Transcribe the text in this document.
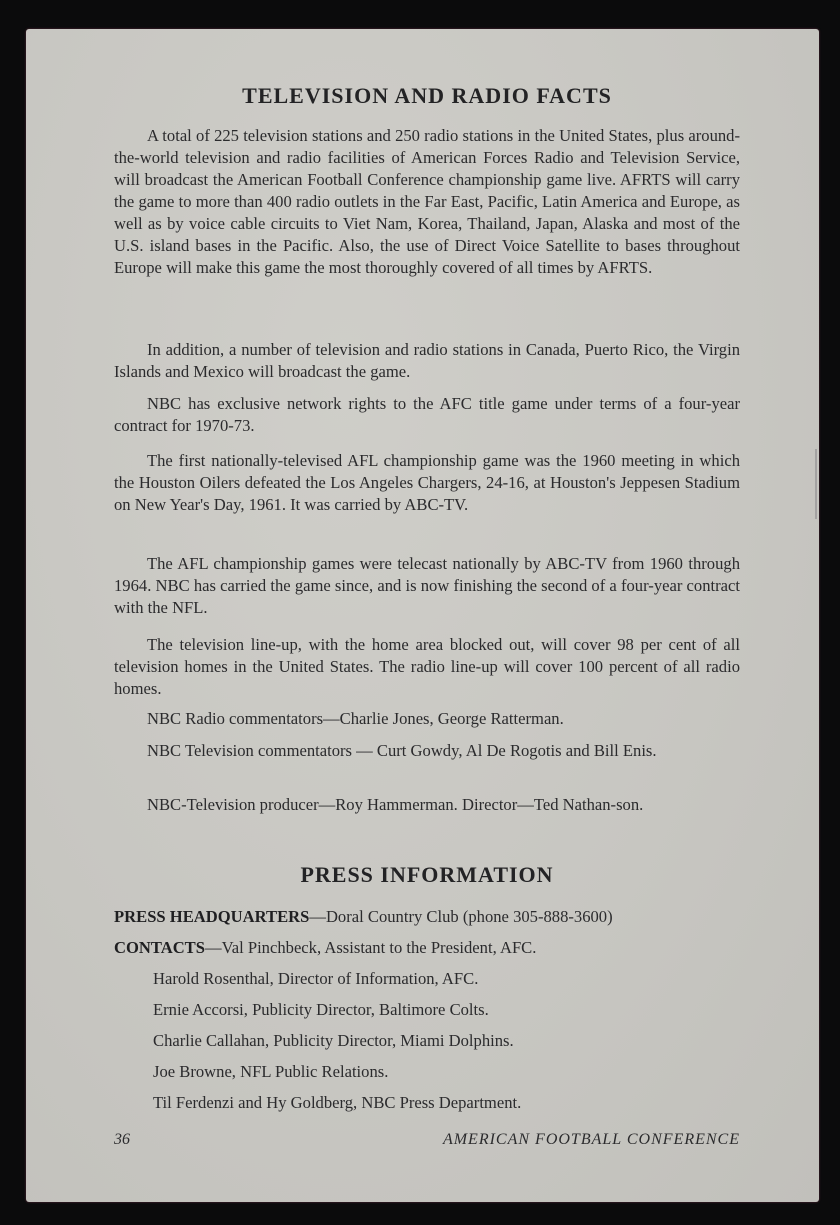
TELEVISION AND RADIO FACTS

A total of 225 television stations and 250 radio stations in the United States, plus around-the-world television and radio facilities of American Forces Radio and Television Service, will broadcast the American Football Conference championship game live. AFRTS will carry the game to more than 400 radio outlets in the Far East, Pacific, Latin America and Europe, as well as by voice cable circuits to Viet Nam, Korea, Thailand, Japan, Alaska and most of the U.S. island bases in the Pacific. Also, the use of Direct Voice Satellite to bases throughout Europe will make this game the most thoroughly covered of all times by AFRTS.

In addition, a number of television and radio stations in Canada, Puerto Rico, the Virgin Islands and Mexico will broadcast the game.

NBC has exclusive network rights to the AFC title game under terms of a four-year contract for 1970-73.

The first nationally-televised AFL championship game was the 1960 meeting in which the Houston Oilers defeated the Los Angeles Chargers, 24-16, at Houston's Jeppesen Stadium on New Year's Day, 1961. It was carried by ABC-TV.

The AFL championship games were telecast nationally by ABC-TV from 1960 through 1964. NBC has carried the game since, and is now finishing the second of a four-year contract with the NFL.

The television line-up, with the home area blocked out, will cover 98 per cent of all television homes in the United States. The radio line-up will cover 100 percent of all radio homes.

NBC Radio commentators—Charlie Jones, George Ratterman.

NBC Television commentators — Curt Gowdy, Al De Rogotis and Bill Enis.

NBC-Television producer—Roy Hammerman. Director—Ted Nathan-son.

PRESS INFORMATION

PRESS HEADQUARTERS—Doral Country Club (phone 305-888-3600)

CONTACTS—Val Pinchbeck, Assistant to the President, AFC.

Harold Rosenthal, Director of Information, AFC.

Ernie Accorsi, Publicity Director, Baltimore Colts.

Charlie Callahan, Publicity Director, Miami Dolphins.

Joe Browne, NFL Public Relations.

Til Ferdenzi and Hy Goldberg, NBC Press Department.

36	AMERICAN FOOTBALL CONFERENCE
